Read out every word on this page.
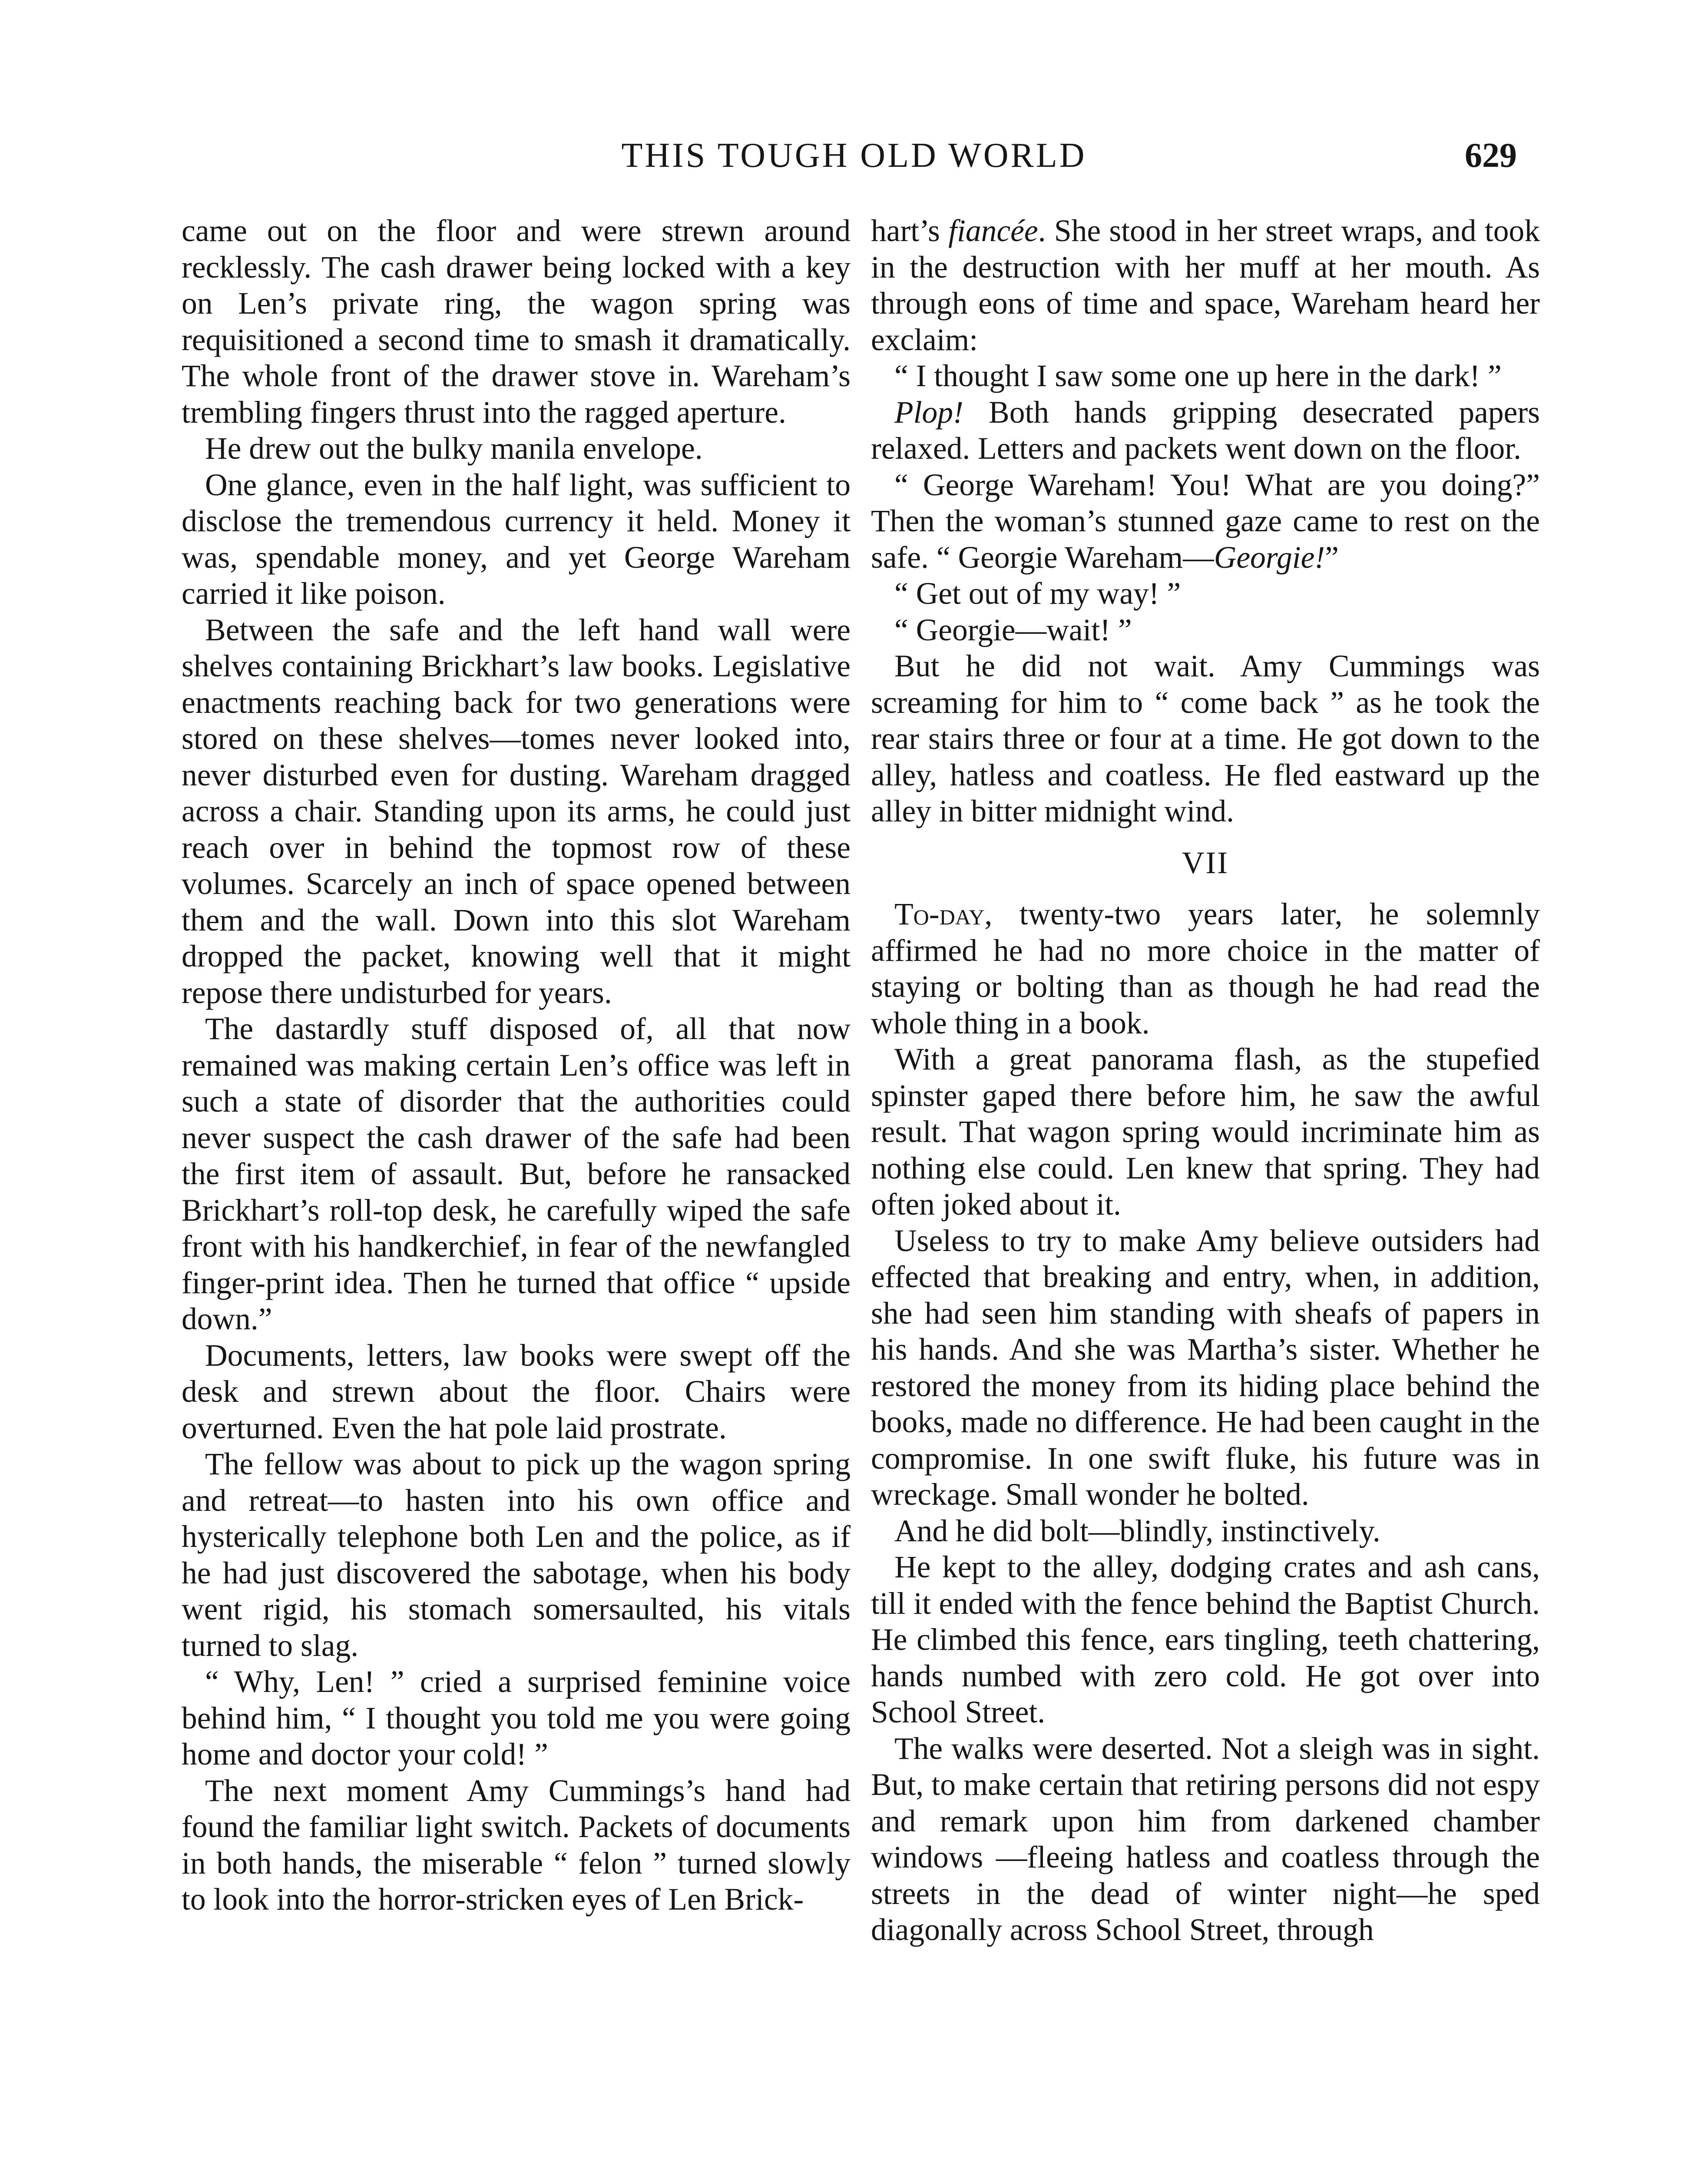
THIS TOUGH OLD WORLD	629

came out on the floor and were strewn around recklessly. The cash drawer being locked with a key on Len’s private ring, the wagon spring was requisitioned a second time to smash it dramatically. The whole front of the drawer stove in. Wareham’s trembling fingers thrust into the ragged aperture.

He drew out the bulky manila envelope.

One glance, even in the half light, was sufficient to disclose the tremendous currency it held. Money it was, spendable money, and yet George Wareham carried it like poison.

Between the safe and the left hand wall were shelves containing Brickhart’s law books. Legislative enactments reaching back for two generations were stored on these shelves—tomes never looked into, never disturbed even for dusting. Wareham dragged across a chair. Standing upon its arms, he could just reach over in behind the topmost row of these volumes. Scarcely an inch of space opened between them and the wall. Down into this slot Wareham dropped the packet, knowing well that it might repose there undisturbed for years.

The dastardly stuff disposed of, all that now remained was making certain Len’s office was left in such a state of disorder that the authorities could never suspect the cash drawer of the safe had been the first item of assault. But, before he ransacked Brickhart’s roll-top desk, he carefully wiped the safe front with his handkerchief, in fear of the newfangled finger-print idea. Then he turned that office “ upside down.”

Documents, letters, law books were swept off the desk and strewn about the floor. Chairs were overturned. Even the hat pole laid prostrate.

The fellow was about to pick up the wagon spring and retreat—to hasten into his own office and hysterically telephone both Len and the police, as if he had just discovered the sabotage, when his body went rigid, his stomach somersaulted, his vitals turned to slag.

“ Why, Len! ” cried a surprised feminine voice behind him, “ I thought you told me you were going home and doctor your cold! ”

The next moment Amy Cummings’s hand had found the familiar light switch. Packets of documents in both hands, the miserable “ felon ” turned slowly to look into the horror-stricken eyes of Len Brick-

hart’s fiancée. She stood in her street wraps, and took in the destruction with her muff at her mouth. As through eons of time and space, Wareham heard her exclaim:

“ I thought I saw some one up here in the dark! ”

Plop! Both hands gripping desecrated papers relaxed. Letters and packets went down on the floor.

“ George Wareham! You! What are you doing?” Then the woman’s stunned gaze came to rest on the safe. “ Georgie Wareham—Georgie!”

“ Get out of my way! ”

“ Georgie—wait! ”

But he did not wait. Amy Cummings was screaming for him to “ come back ” as he took the rear stairs three or four at a time. He got down to the alley, hatless and coatless. He fled eastward up the alley in bitter midnight wind.

VII

To-day, twenty-two years later, he solemnly affirmed he had no more choice in the matter of staying or bolting than as though he had read the whole thing in a book.

With a great panorama flash, as the stupefied spinster gaped there before him, he saw the awful result. That wagon spring would incriminate him as nothing else could. Len knew that spring. They had often joked about it.

Useless to try to make Amy believe outsiders had effected that breaking and entry, when, in addition, she had seen him standing with sheafs of papers in his hands. And she was Martha’s sister. Whether he restored the money from its hiding place behind the books, made no difference. He had been caught in the compromise. In one swift fluke, his future was in wreckage. Small wonder he bolted.

And he did bolt—blindly, instinctively.

He kept to the alley, dodging crates and ash cans, till it ended with the fence behind the Baptist Church. He climbed this fence, ears tingling, teeth chattering, hands numbed with zero cold. He got over into School Street.

The walks were deserted. Not a sleigh was in sight. But, to make certain that retiring persons did not espy and remark upon him from darkened chamber windows —fleeing hatless and coatless through the streets in the dead of winter night—he sped diagonally across School Street, through
